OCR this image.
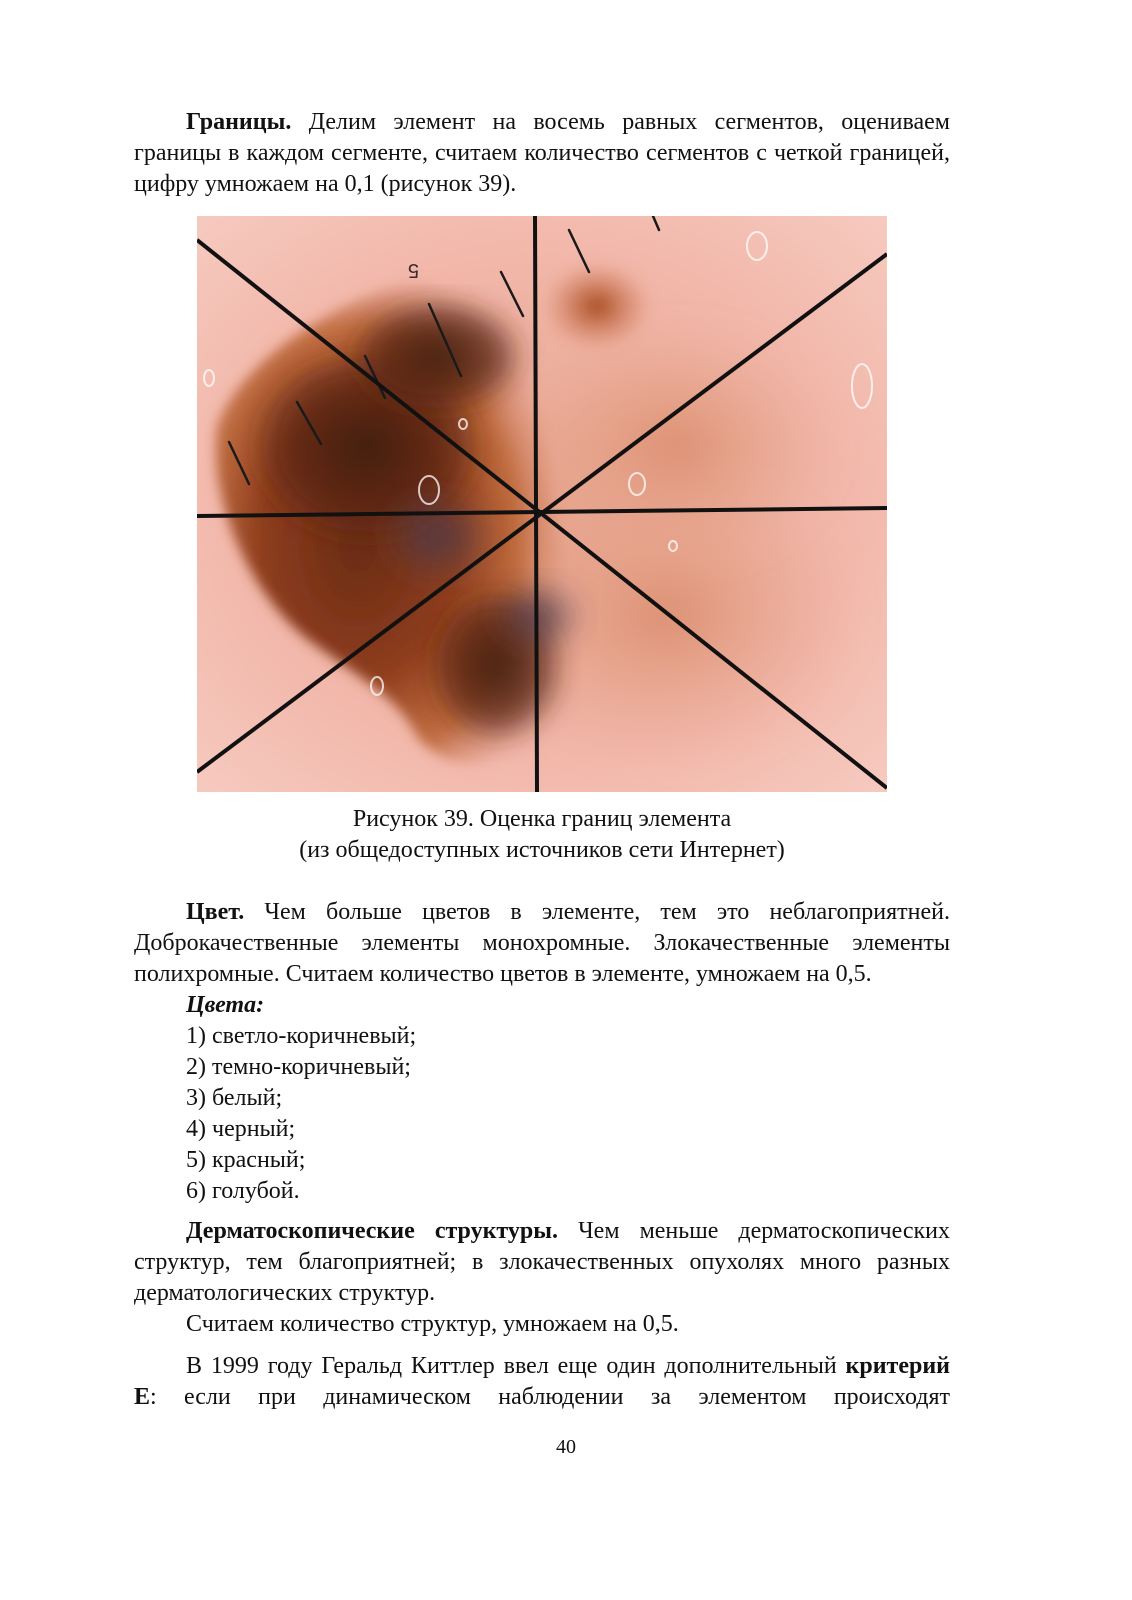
Границы. Делим элемент на восемь равных сегментов, оцениваем границы в каждом сегменте, считаем количество сегментов с четкой границей, цифру умножаем на 0,1 (рисунок 39).

5
Рисунок 39. Оценка границ элемента
(из общедоступных источников сети Интернет)

Цвет. Чем больше цветов в элементе, тем это неблагоприятней. Доброкачественные элементы монохромные. Злокачественные элементы полихромные. Считаем количество цветов в элементе, умножаем на 0,5.

Цвета:

1) светло-коричневый;
2) темно-коричневый;
3) белый;
4) черный;
5) красный;
6) голубой.

Дерматоскопические структуры. Чем меньше дерматоскопических структур, тем благоприятней; в злокачественных опухолях много разных дерматологических структур.

Считаем количество структур, умножаем на 0,5.

В 1999 году Геральд Киттлер ввел еще один дополнительный критерий Е: если при динамическом наблюдении за элементом происходят

40
